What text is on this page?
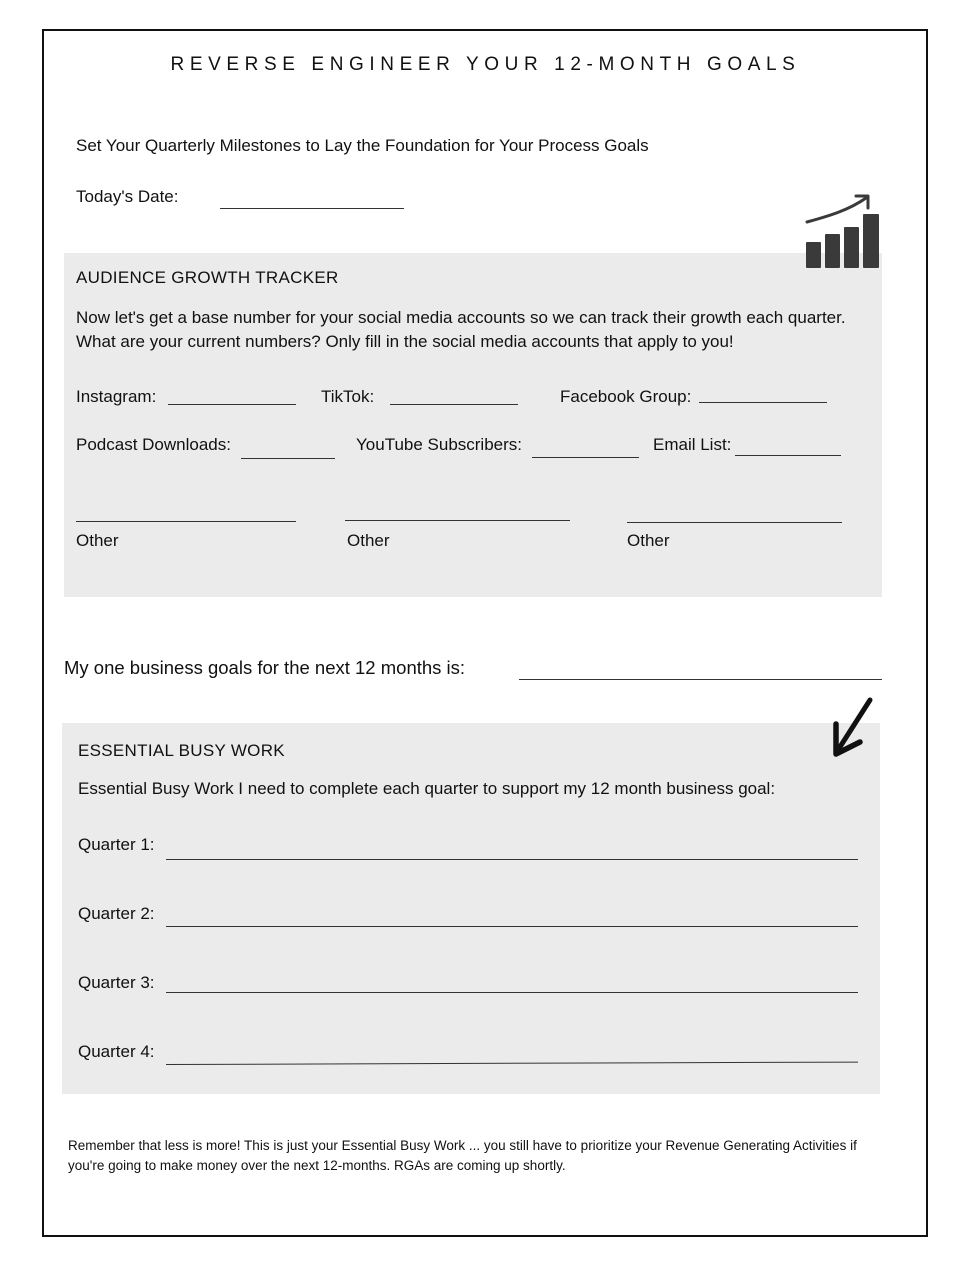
REVERSE ENGINEER YOUR 12-MONTH GOALS
Set Your Quarterly Milestones to Lay the Foundation for Your Process Goals
Today's Date:
AUDIENCE GROWTH TRACKER
Now let's get a base number for your social media accounts so we can track their growth each quarter.
What are your current numbers? Only fill in the social media accounts that apply to you!
Instagram:	TikTok:	Facebook Group:
Podcast Downloads:	YouTube Subscribers:	Email List:
Other	Other	Other
My one business goals for the next 12 months is:
ESSENTIAL BUSY WORK
Essential Busy Work I need to complete each quarter to support my 12 month business goal:
Quarter 1:
Quarter 2:
Quarter 3:
Quarter 4:
Remember that less is more! This is just your Essential Busy Work ... you still have to prioritize your Revenue Generating Activities if
you're going to make money over the next 12-months. RGAs are coming up shortly.
